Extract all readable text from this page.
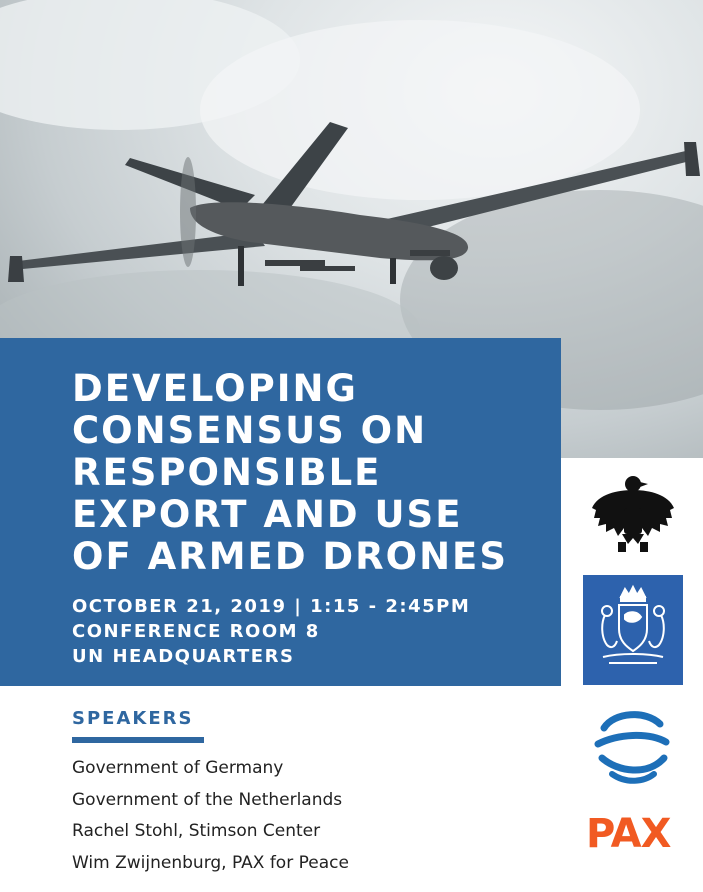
DEVELOPING
CONSENSUS ON
RESPONSIBLE
EXPORT AND USE
OF ARMED DRONES
OCTOBER 21, 2019 | 1:15 - 2:45PM
CONFERENCE ROOM 8
UN HEADQUARTERS
SPEAKERS
Government of Germany
Government of the Netherlands
Rachel Stohl, Stimson Center
Wim Zwijnenburg, PAX for Peace
PAX
